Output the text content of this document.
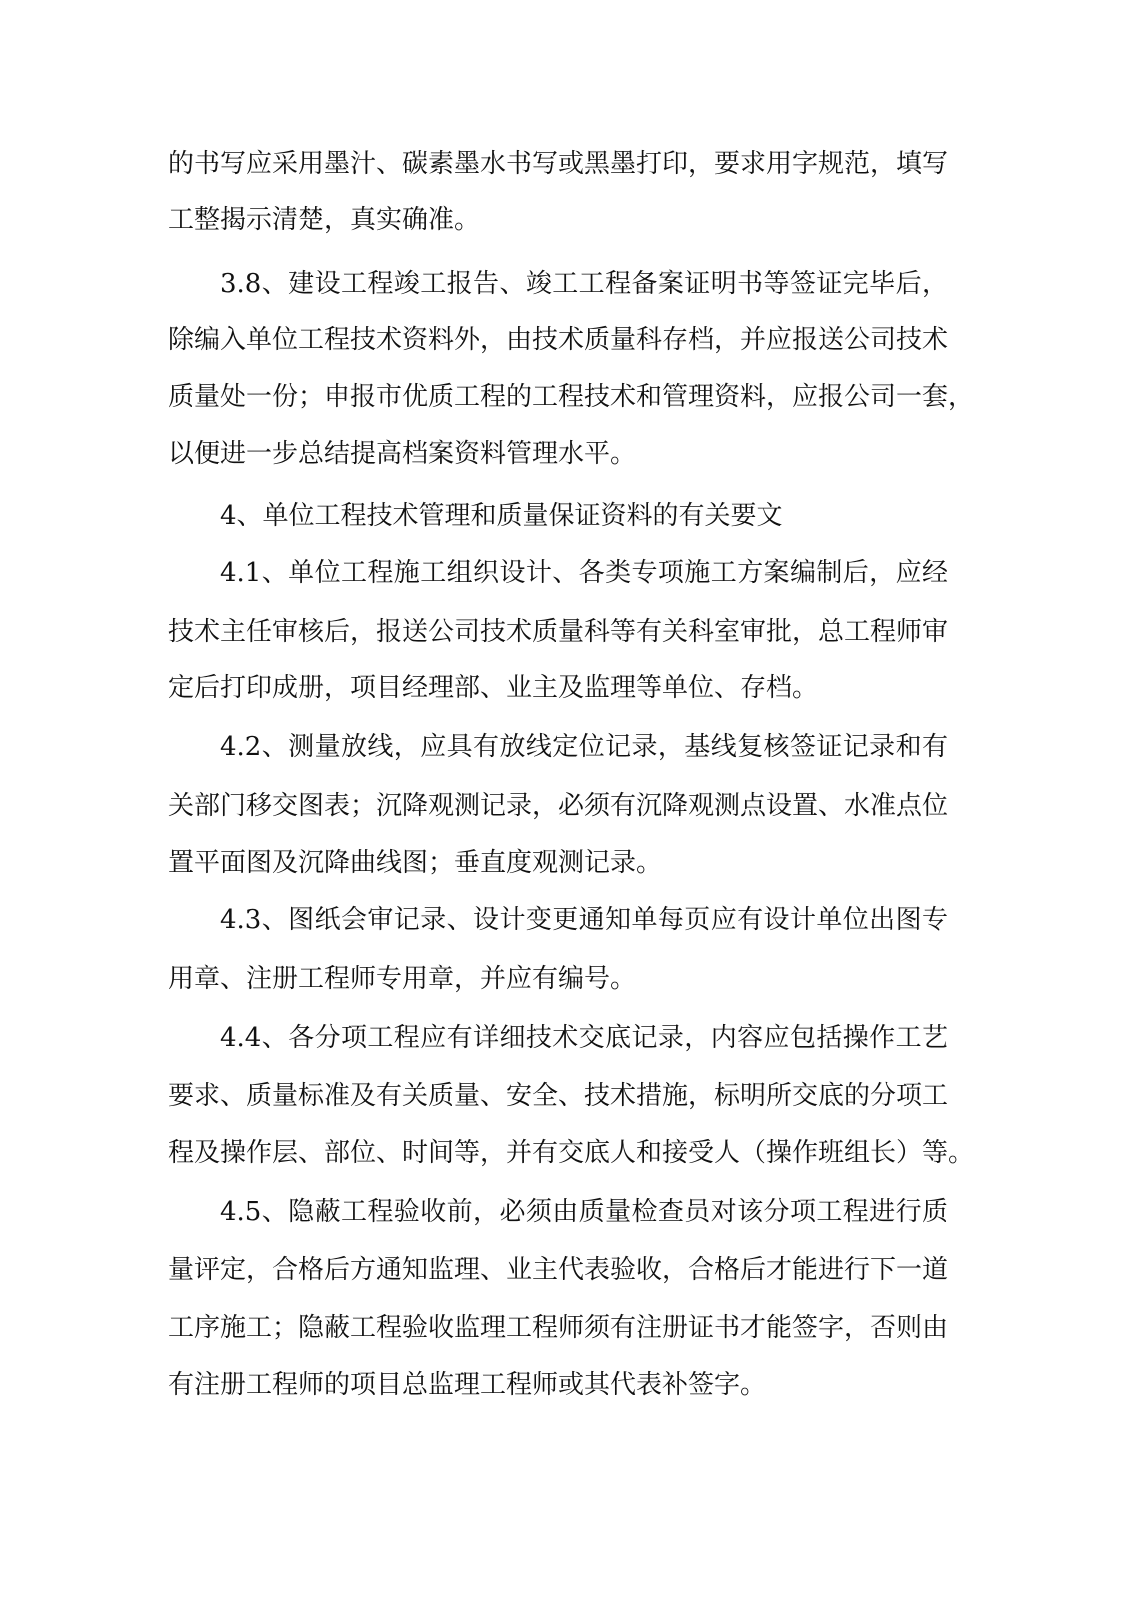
的书写应采用墨汁、碳素墨水书写或黑墨打印，要求用字规范，填写
工整揭示清楚，真实确准。
3.8、建设工程竣工报告、竣工工程备案证明书等签证完毕后，
除编入单位工程技术资料外，由技术质量科存档，并应报送公司技术
质量处一份；申报市优质工程的工程技术和管理资料，应报公司一套，
以便进一步总结提高档案资料管理水平。
4、单位工程技术管理和质量保证资料的有关要文
4.1、单位工程施工组织设计、各类专项施工方案编制后，应经
技术主任审核后，报送公司技术质量科等有关科室审批，总工程师审
定后打印成册，项目经理部、业主及监理等单位、存档。
4.2、测量放线，应具有放线定位记录，基线复核签证记录和有
关部门移交图表；沉降观测记录，必须有沉降观测点设置、水准点位
置平面图及沉降曲线图；垂直度观测记录。
4.3、图纸会审记录、设计变更通知单每页应有设计单位出图专
用章、注册工程师专用章，并应有编号。
4.4、各分项工程应有详细技术交底记录，内容应包括操作工艺
要求、质量标准及有关质量、安全、技术措施，标明所交底的分项工
程及操作层、部位、时间等，并有交底人和接受人（操作班组长）等。
4.5、隐蔽工程验收前，必须由质量检查员对该分项工程进行质
量评定，合格后方通知监理、业主代表验收，合格后才能进行下一道
工序施工；隐蔽工程验收监理工程师须有注册证书才能签字，否则由
有注册工程师的项目总监理工程师或其代表补签字。
